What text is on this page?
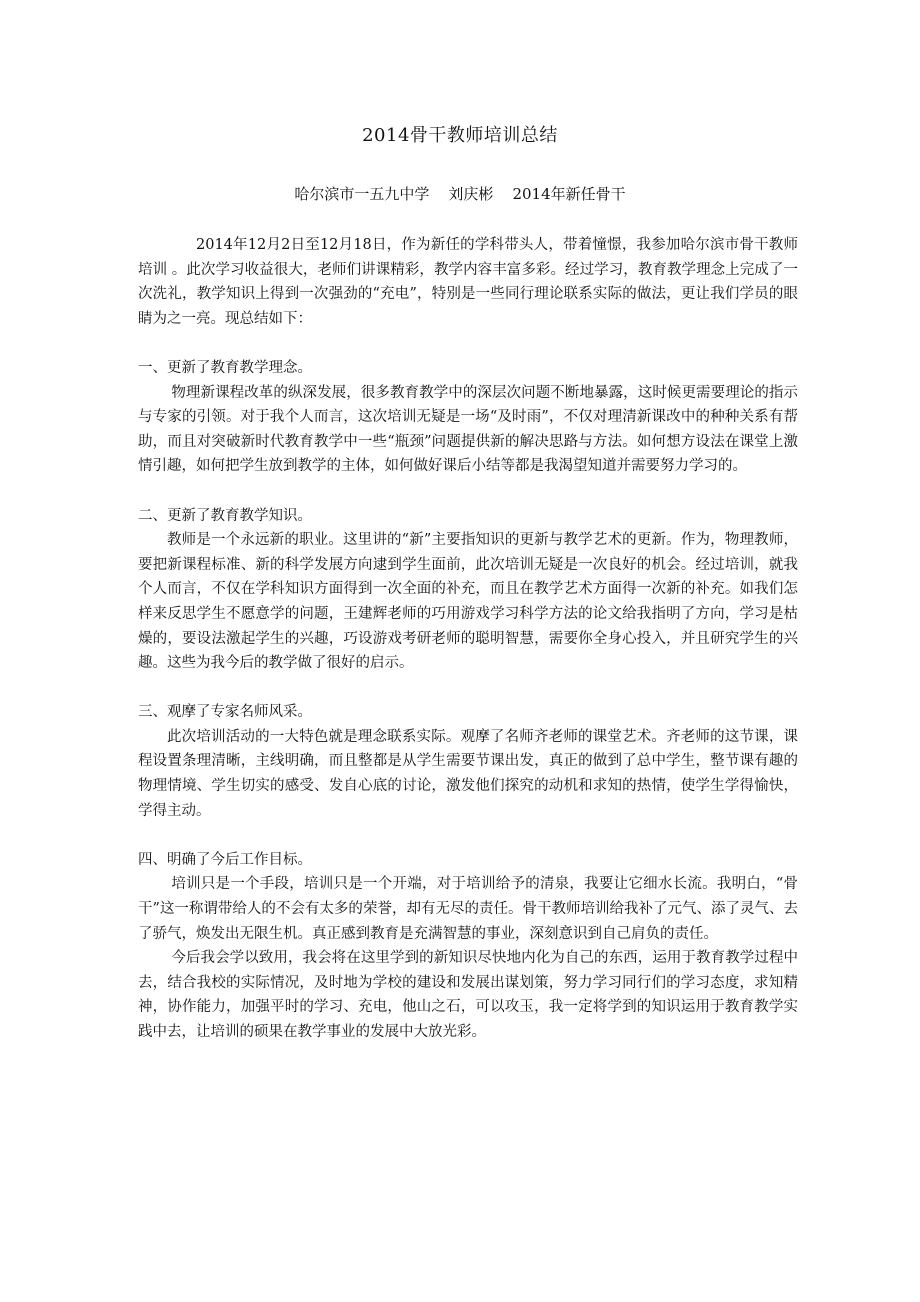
2014骨干教师培训总结
哈尔滨市一五九中学    刘庆彬    2014年新任骨干

2014年12月2日至12月18日，作为新任的学科带头人，带着憧憬，我参加哈尔滨市骨干教师培训 。此次学习收益很大，老师们讲课精彩，教学内容丰富多彩。经过学习，教育教学理念上完成了一次洗礼，教学知识上得到一次强劲的“充电”，特别是一些同行理论联系实际的做法，更让我们学员的眼睛为之一亮。现总结如下：

一、更新了教育教学理念。

物理新课程改革的纵深发展，很多教育教学中的深层次问题不断地暴露，这时候更需要理论的指示与专家的引领。对于我个人而言，这次培训无疑是一场“及时雨”，不仅对理清新课改中的种种关系有帮助，而且对突破新时代教育教学中一些“瓶颈”问题提供新的解决思路与方法。如何想方设法在课堂上激情引趣，如何把学生放到教学的主体，如何做好课后小结等都是我渴望知道并需要努力学习的。

二、更新了教育教学知识。

教师是一个永远新的职业。这里讲的“新”主要指知识的更新与教学艺术的更新。作为，物理教师，要把新课程标准、新的科学发展方向逮到学生面前，此次培训无疑是一次良好的机会。经过培训，就我个人而言，不仅在学科知识方面得到一次全面的补充，而且在教学艺术方面得一次新的补充。如我们怎样来反思学生不愿意学的问题，王建辉老师的巧用游戏学习科学方法的论文给我指明了方向，学习是枯燥的，要设法激起学生的兴趣，巧设游戏考研老师的聪明智慧，需要你全身心投入，并且研究学生的兴趣。这些为我今后的教学做了很好的启示。

三、观摩了专家名师风采。

此次培训活动的一大特色就是理念联系实际。观摩了名师齐老师的课堂艺术。齐老师的这节课，课程设置条理清晰，主线明确，而且整都是从学生需要节课出发，真正的做到了总中学生，整节课有趣的物理情境、学生切实的感受、发自心底的讨论，激发他们探究的动机和求知的热情，使学生学得愉快，学得主动。

四、明确了今后工作目标。

培训只是一个手段，培训只是一个开端，对于培训给予的清泉，我要让它细水长流。我明白，“骨干”这一称谓带给人的不会有太多的荣誉，却有无尽的责任。骨干教师培训给我补了元气、添了灵气、去了骄气，焕发出无限生机。真正感到教育是充满智慧的事业，深刻意识到自己肩负的责任。

今后我会学以致用，我会将在这里学到的新知识尽快地内化为自己的东西，运用于教育教学过程中去，结合我校的实际情况，及时地为学校的建设和发展出谋划策，努力学习同行们的学习态度，求知精神，协作能力，加强平时的学习、充电，他山之石，可以攻玉，我一定将学到的知识运用于教育教学实践中去，让培训的硕果在教学事业的发展中大放光彩。
